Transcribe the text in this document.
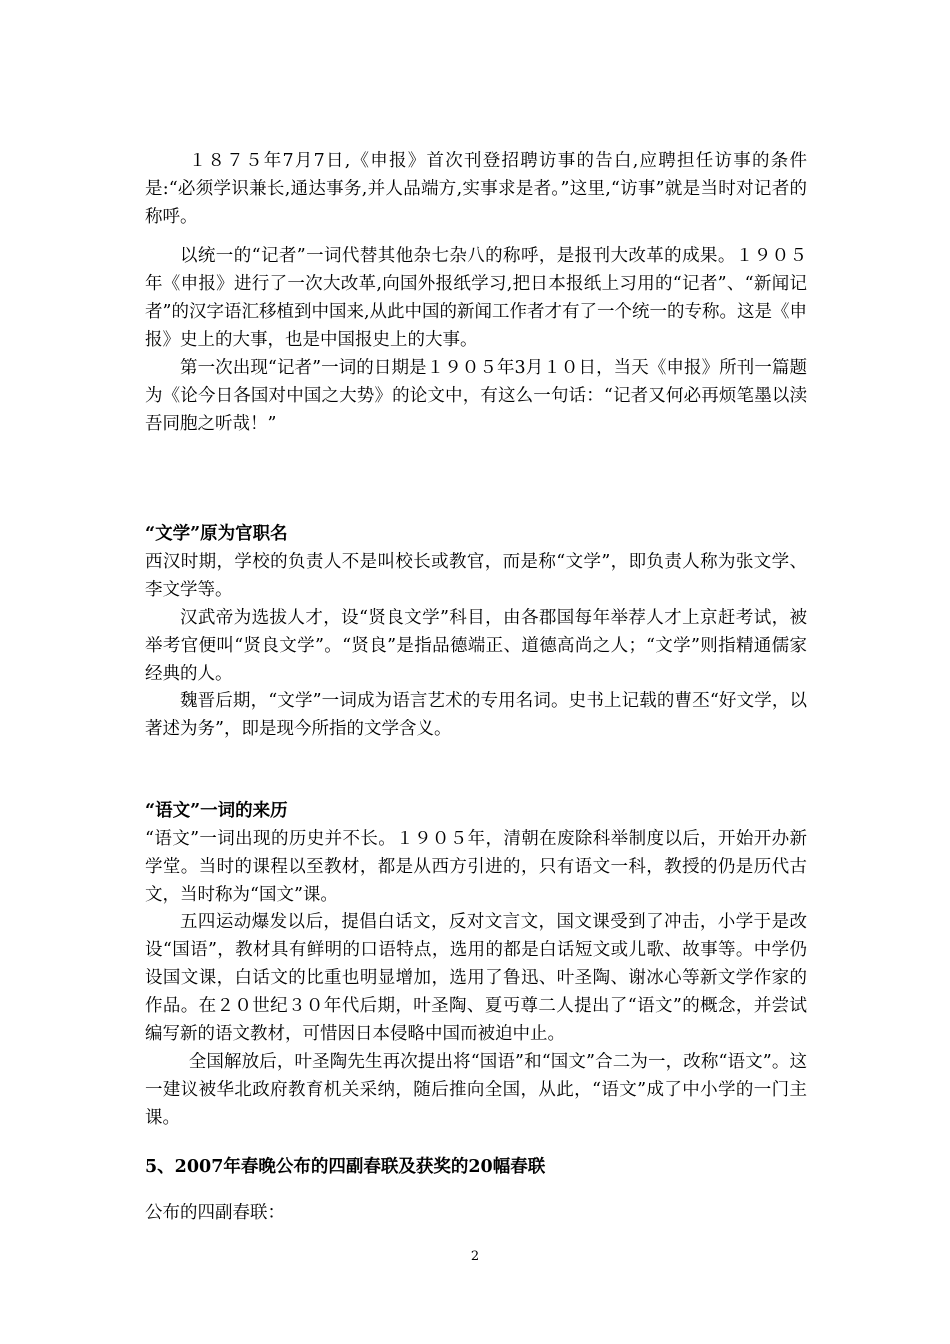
１８７５年7月7日,《申报》首次刊登招聘访事的告白,应聘担任访事的条件是:“必须学识兼长,通达事务,并人品端方,实事求是者。”这里,“访事”就是当时对记者的称呼。

以统一的“记者”一词代替其他杂七杂八的称呼，是报刊大改革的成果。１９０５年《申报》进行了一次大改革,向国外报纸学习,把日本报纸上习用的“记者”、“新闻记者”的汉字语汇移植到中国来,从此中国的新闻工作者才有了一个统一的专称。这是《申报》史上的大事，也是中国报史上的大事。

第一次出现“记者”一词的日期是１９０５年3月１０日，当天《申报》所刊一篇题为《论今日各国对中国之大势》的论文中，有这么一句话：“记者又何必再烦笔墨以渎吾同胞之听哉！”

“文学”原为官职名

西汉时期，学校的负责人不是叫校长或教官，而是称“文学”，即负责人称为张文学、李文学等。

汉武帝为选拔人才，设“贤良文学”科目，由各郡国每年举荐人才上京赶考试，被举考官便叫“贤良文学”。“贤良”是指品德端正、道德高尚之人；“文学”则指精通儒家经典的人。

魏晋后期，“文学”一词成为语言艺术的专用名词。史书上记载的曹丕“好文学，以著述为务”，即是现今所指的文学含义。

“语文”一词的来历

“语文”一词出现的历史并不长。１９０５年，清朝在废除科举制度以后，开始开办新学堂。当时的课程以至教材，都是从西方引进的，只有语文一科，教授的仍是历代古文，当时称为“国文”课。

五四运动爆发以后，提倡白话文，反对文言文，国文课受到了冲击，小学于是改设“国语”，教材具有鲜明的口语特点，选用的都是白话短文或儿歌、故事等。中学仍设国文课，白话文的比重也明显增加，选用了鲁迅、叶圣陶、谢冰心等新文学作家的作品。在２０世纪３０年代后期，叶圣陶、夏丏尊二人提出了“语文”的概念，并尝试编写新的语文教材，可惜因日本侵略中国而被迫中止。

全国解放后，叶圣陶先生再次提出将“国语”和“国文”合二为一，改称“语文”。这一建议被华北政府教育机关采纳，随后推向全国，从此，“语文”成了中小学的一门主课。

5、2007年春晚公布的四副春联及获奖的20幅春联

公布的四副春联：

2
